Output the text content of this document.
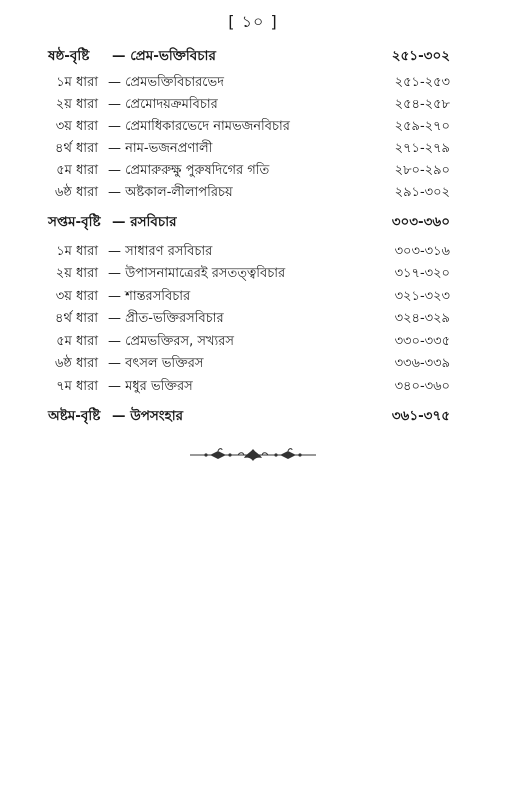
[ ১০ ]
ষষ্ঠ-বৃষ্টি — প্রেম-ভক্তিবিচার	২৫১-৩০২
১ম ধারা — প্রেমভক্তিবিচারভেদ	২৫১-২৫৩
২য় ধারা — প্রেমোদয়ক্রমবিচার	২৫৪-২৫৮
৩য় ধারা — প্রেমাধিকারভেদে নামভজনবিচার	২৫৯-২৭০
৪র্থ ধারা — নাম-ভজনপ্রণালী	২৭১-২৭৯
৫ম ধারা — প্রেমারুরুক্ষু পুরুষদিগের গতি	২৮০-২৯০
৬ষ্ঠ ধারা — অষ্টকাল-লীলাপরিচয়	২৯১-৩০২
সপ্তম-বৃষ্টি — রসবিচার	৩০৩-৩৬০
১ম ধারা — সাধারণ রসবিচার	৩০৩-৩১৬
২য় ধারা — উপাসনামাত্রেরই রসতত্ত্ববিচার	৩১৭-৩২০
৩য় ধারা — শান্তরসবিচার	৩২১-৩২৩
৪র্থ ধারা — প্রীত-ভক্তিরসবিচার	৩২৪-৩২৯
৫ম ধারা — প্রেমভক্তিরস, সখ্যরস	৩৩০-৩৩৫
৬ষ্ঠ ধারা — বৎসল ভক্তিরস	৩৩৬-৩৩৯
৭ম ধারা — মধুর ভক্তিরস	৩৪০-৩৬০
অষ্টম-বৃষ্টি — উপসংহার	৩৬১-৩৭৫
